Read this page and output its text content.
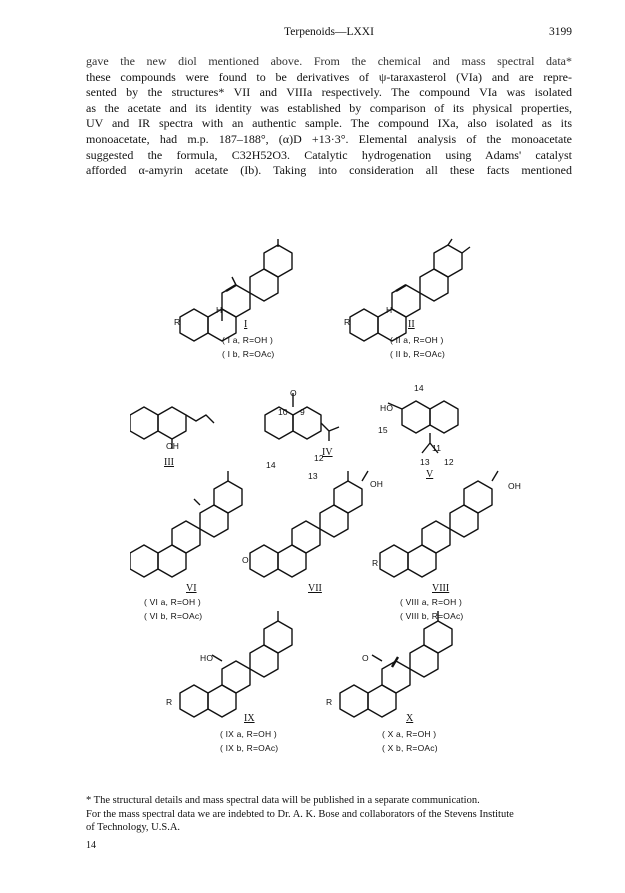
Terpenoids—LXXI	3199
gave the new diol mentioned above. From the chemical and mass spectral data*
these compounds were found to be derivatives of ψ-taraxasterol (VIa) and are repre-
sented by the structures* VII and VIIIa respectively. The compound VIa was isolated
as the acetate and its identity was established by comparison of its physical properties,
UV and IR spectra with an authentic sample. The compound IXa, also isolated as its
monoacetate, had m.p. 187–188°, (α)D +13·3°. Elemental analysis of the monoacetate
suggested the formula, C32H52O3. Catalytic hydrogenation using Adams' catalyst
afforded α-amyrin acetate (Ib). Taking into consideration all these facts mentioned
R
H
R
H
OH
O
HO
14
15
13 12
11
12
13
14
10 9
OH	OH
R
O
HO
R
O
R
I
( I a, R=OH )
( I b, R=OAc)
II
( II a, R=OH )
( II b, R=OAc)
III
IV
V
VI
( VI a, R=OH )
( VI b, R=OAc)
VII	VIII
( VIII a, R=OH )
( VIII b, R=OAc)
IX
( IX a, R=OH )
( IX b, R=OAc)
X
( X a, R=OH )
( X b, R=OAc)
* The structural details and mass spectral data will be published in a separate communication.
For the mass spectral data we are indebted to Dr. A. K. Bose and collaborators of the Stevens Institute
of Technology, U.S.A.
14
